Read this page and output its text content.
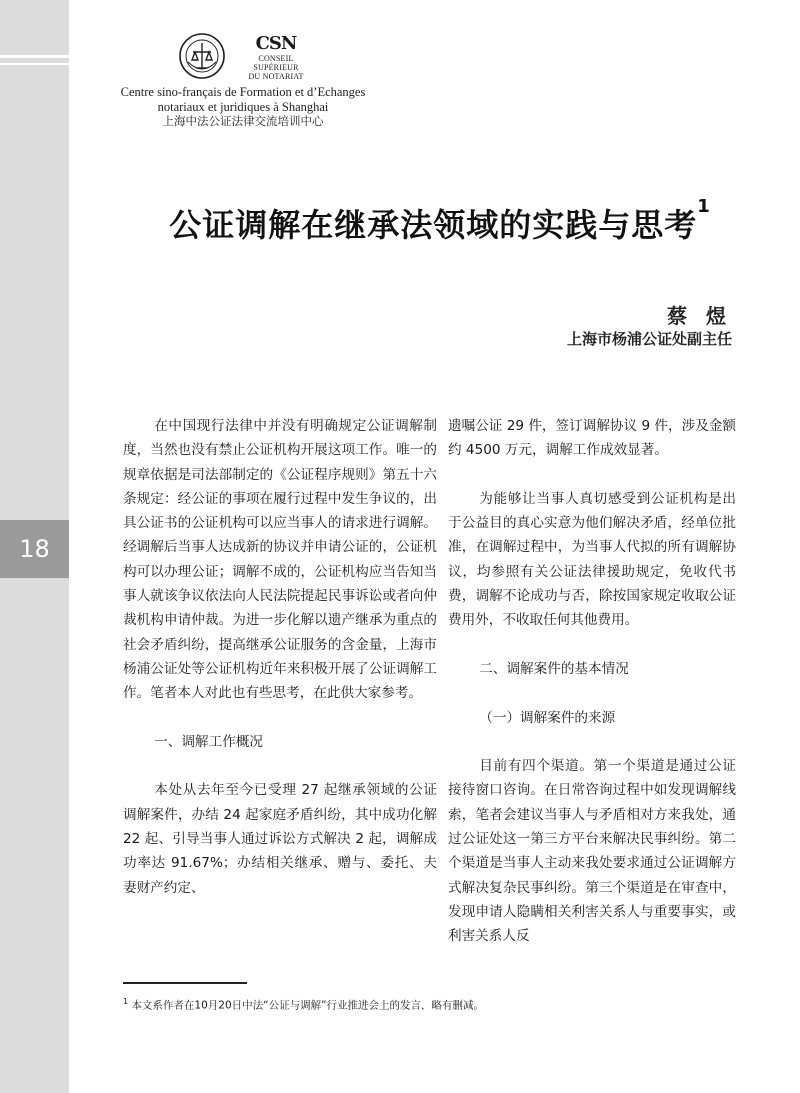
18
CSN
CONSEIL SUPÉRIEUR
DU NOTARIAT
Centre sino-français de Formation et d’Echanges
notariaux et juridiques à Shanghai
上海中法公证法律交流培训中心
公证调解在继承法领域的实践与思考$^1$
蔡 煜
上海市杨浦公证处副主任

在中国现行法律中并没有明确规定公证调解制度，当然也没有禁止公证机构开展这项工作。唯一的规章依据是司法部制定的《公证程序规则》第五十六条规定：经公证的事项在履行过程中发生争议的，出具公证书的公证机构可以应当事人的请求进行调解。经调解后当事人达成新的协议并申请公证的，公证机构可以办理公证；调解不成的，公证机构应当告知当事人就该争议依法向人民法院提起民事诉讼或者向仲裁机构申请仲裁。为进一步化解以遗产继承为重点的社会矛盾纠纷，提高继承公证服务的含金量，上海市杨浦公证处等公证机构近年来积极开展了公证调解工作。笔者本人对此也有些思考，在此供大家参考。

一、调解工作概况

本处从去年至今已受理 27 起继承领域的公证调解案件，办结 24 起家庭矛盾纠纷，其中成功化解 22 起、引导当事人通过诉讼方式解决 2 起，调解成功率达 91.67%；办结相关继承、赠与、委托、夫妻财产约定、

遗嘱公证 29 件，签订调解协议 9 件，涉及金额约 4500 万元，调解工作成效显著。

为能够让当事人真切感受到公证机构是出于公益目的真心实意为他们解决矛盾，经单位批准，在调解过程中，为当事人代拟的所有调解协议，均参照有关公证法律援助规定，免收代书费，调解不论成功与否，除按国家规定收取公证费用外，不收取任何其他费用。

二、调解案件的基本情况

（一）调解案件的来源

目前有四个渠道。第一个渠道是通过公证接待窗口咨询。在日常咨询过程中如发现调解线索，笔者会建议当事人与矛盾相对方来我处，通过公证处这一第三方平台来解决民事纠纷。第二个渠道是当事人主动来我处要求通过公证调解方式解决复杂民事纠纷。第三个渠道是在审查中，发现申请人隐瞒相关利害关系人与重要事实，或利害关系人反

$^1$ 本文系作者在10月20日中法“公证与调解”行业推进会上的发言，略有删减。
